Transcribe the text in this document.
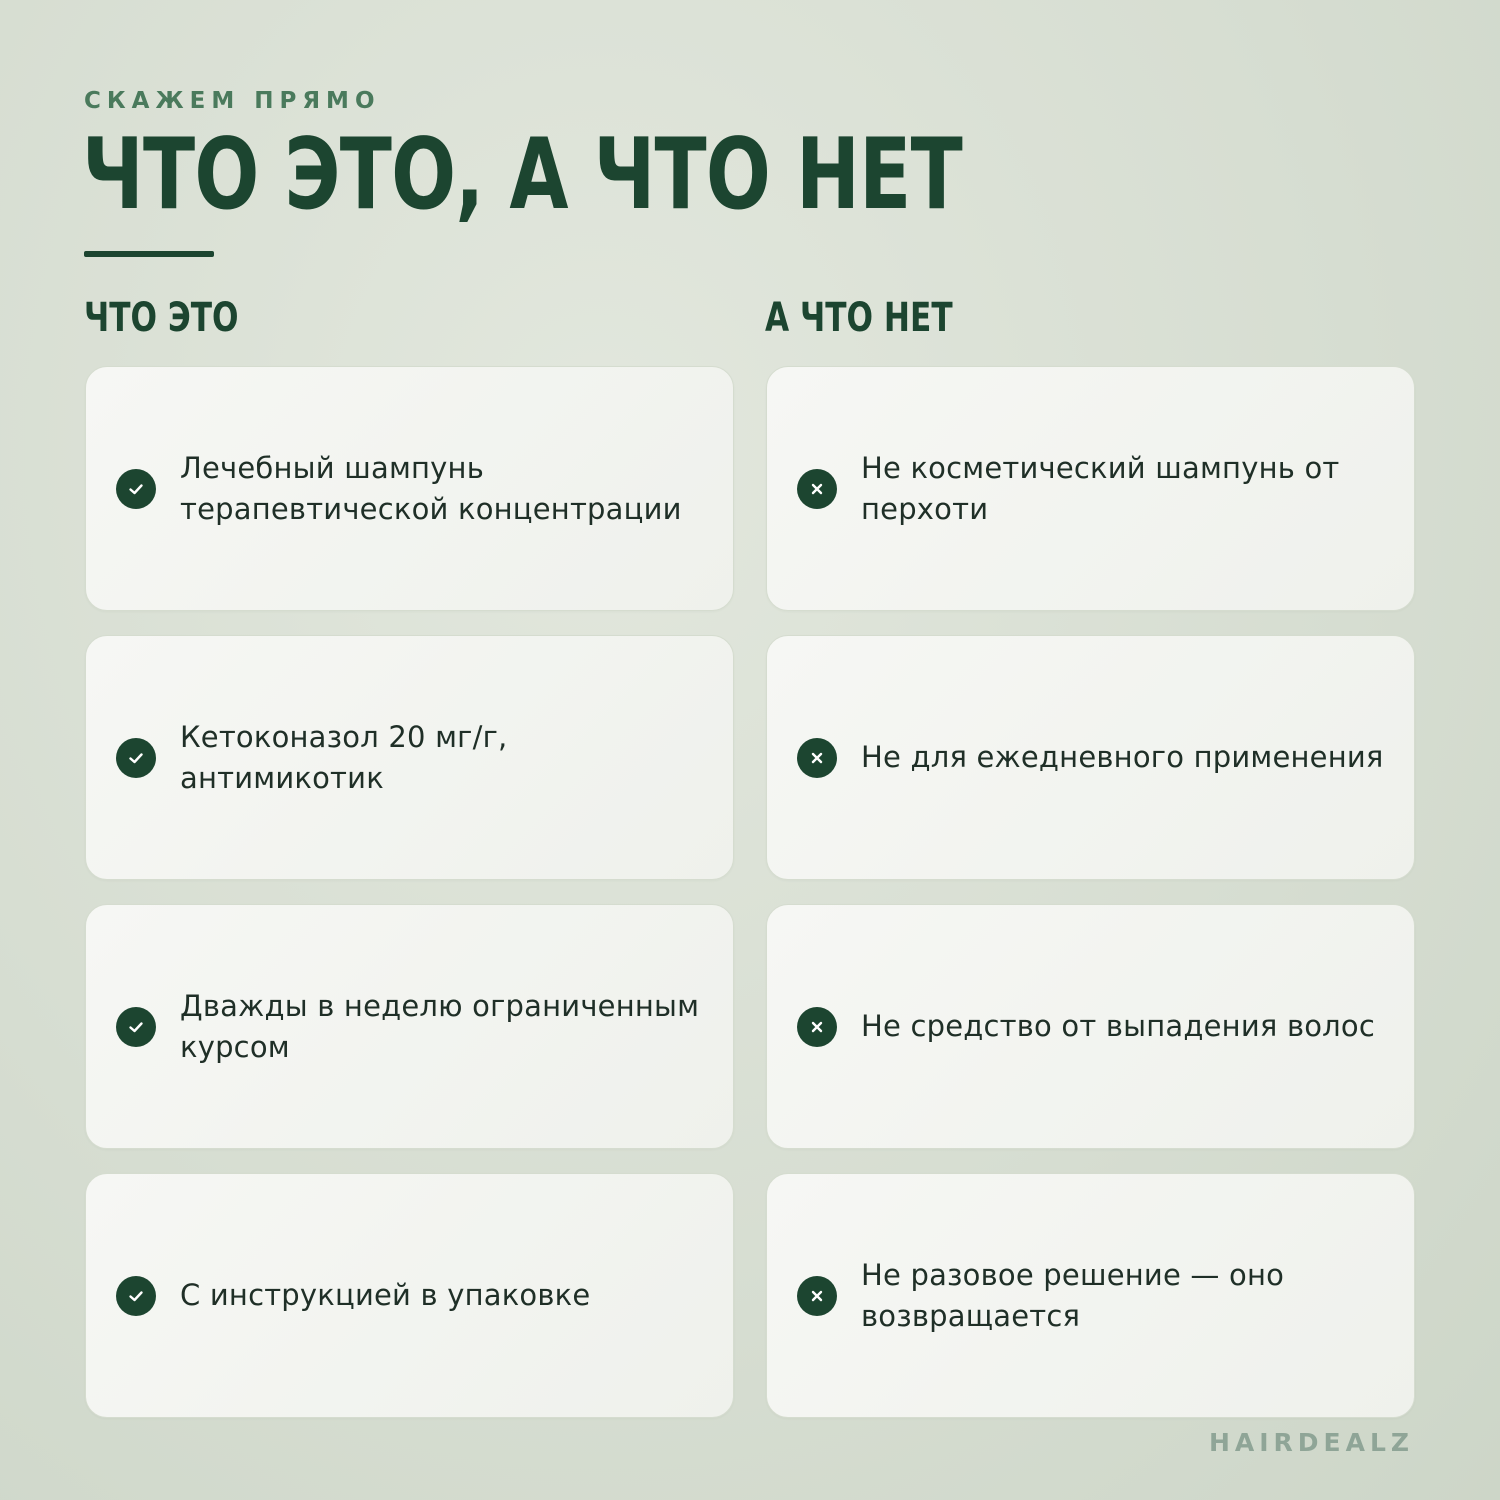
СКАЖЕМ ПРЯМО
ЧТО ЭТО, А ЧТО НЕТ
ЧТО ЭТО	А ЧТО НЕТ
Лечебный шампунь терапевтической концентрации
Кетоконазол 20 мг/г, антимикотик
Дважды в неделю ограниченным курсом
С инструкцией в упаковке
Не косметический шампунь от перхоти
Не для ежедневного применения
Не средство от выпадения волос
Не разовое решение — оно возвращается
HAIRDEALZ
